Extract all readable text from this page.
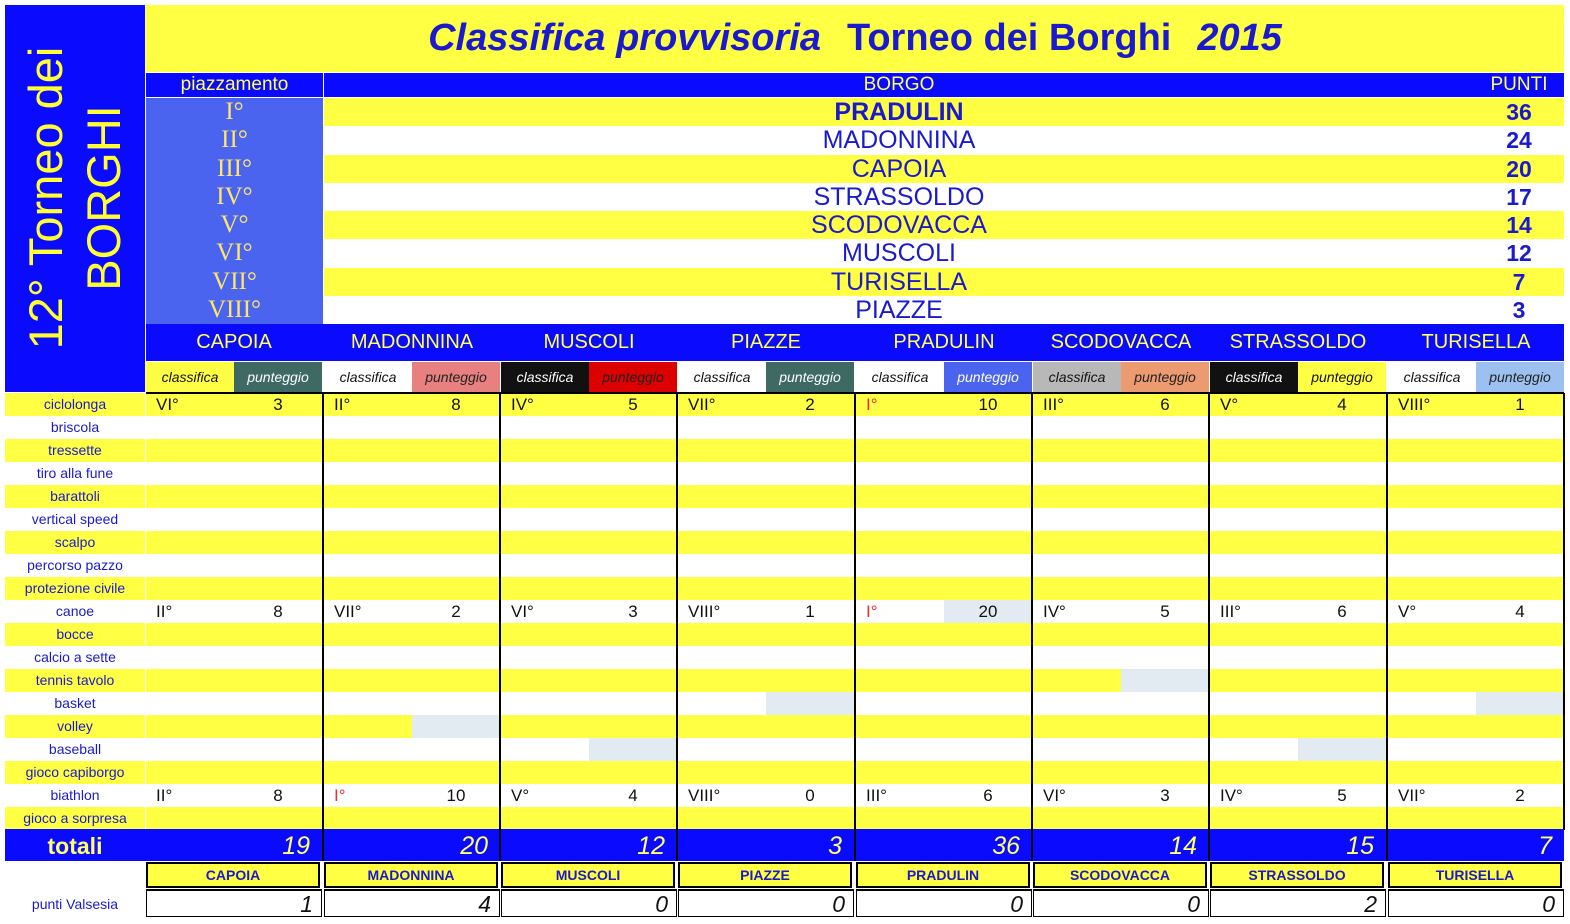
12° Torneo dei BORGHI
Classifica provvisoria Torneo dei Borghi 2015
piazzamento	BORGO	PUNTI
I°	PRADULIN	36
II°	MADONNINA	24
III°	CAPOIA	20
IV°	STRASSOLDO	17
V°	SCODOVACCA	14
VI°	MUSCOLI	12
VII°	TURISELLA	7
VIII°	PIAZZE	3
CAPOIA
classifica	punteggio
MADONNINA
classifica	punteggio
MUSCOLI
classifica	punteggio
PIAZZE
classifica	punteggio
PRADULIN
classifica	punteggio
SCODOVACCA
classifica	punteggio
STRASSOLDO
classifica	punteggio
TURISELLA
classifica	punteggio
ciclolonga	VI°	3	II°	8	IV°	5	VII°	2	I°	10	III°	6	V°	4	VIII°	1
briscola
tressette
tiro alla fune
barattoli
vertical speed
scalpo
percorso pazzo
protezione civile
canoe	II°	8	VII°	2	VI°	3	VIII°	1	I°	20	IV°	5	III°	6	V°	4
bocce
calcio a sette
tennis tavolo
basket
volley
baseball
gioco capiborgo
biathlon	II°	8	I°	10	V°	4	VIII°	0	III°	6	VI°	3	IV°	5	VII°	2
gioco a sorpresa
totali	19	20	12	3	36	14	15	7
CAPOIA	MADONNINA	MUSCOLI	PIAZZE	PRADULIN	SCODOVACCA	STRASSOLDO	TURISELLA
punti Valsesia	1	4	0	0	0	0	2	0
